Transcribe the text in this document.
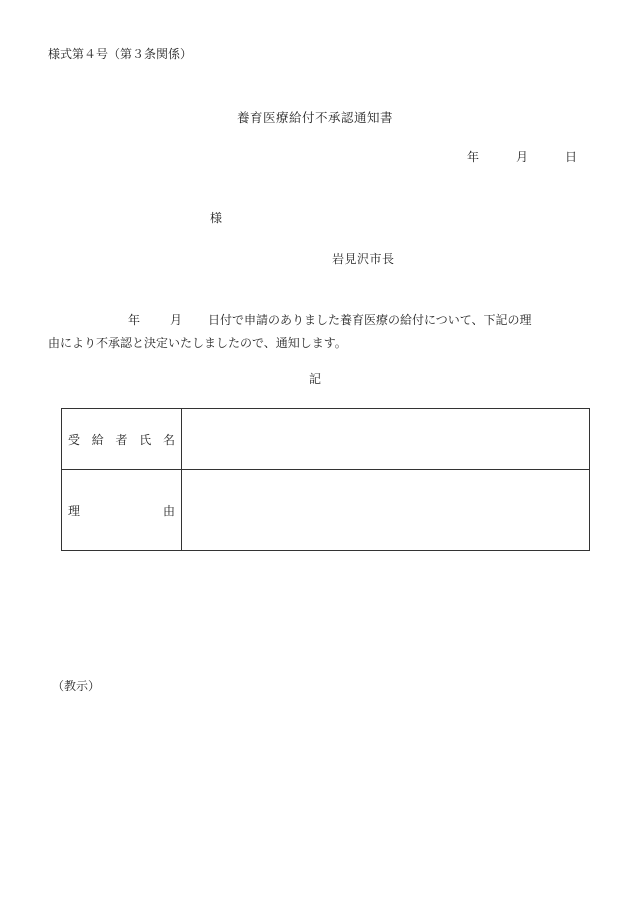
様式第４号（第３条関係）
養育医療給付不承認通知書
年	月	日
様
岩見沢市長
年	月 日付で申請のありました養育医療の給付について、下記の理
由により不承認と決定いたしましたので、通知します。
記
受 給 者 氏 名	

理 由	

（教示）
